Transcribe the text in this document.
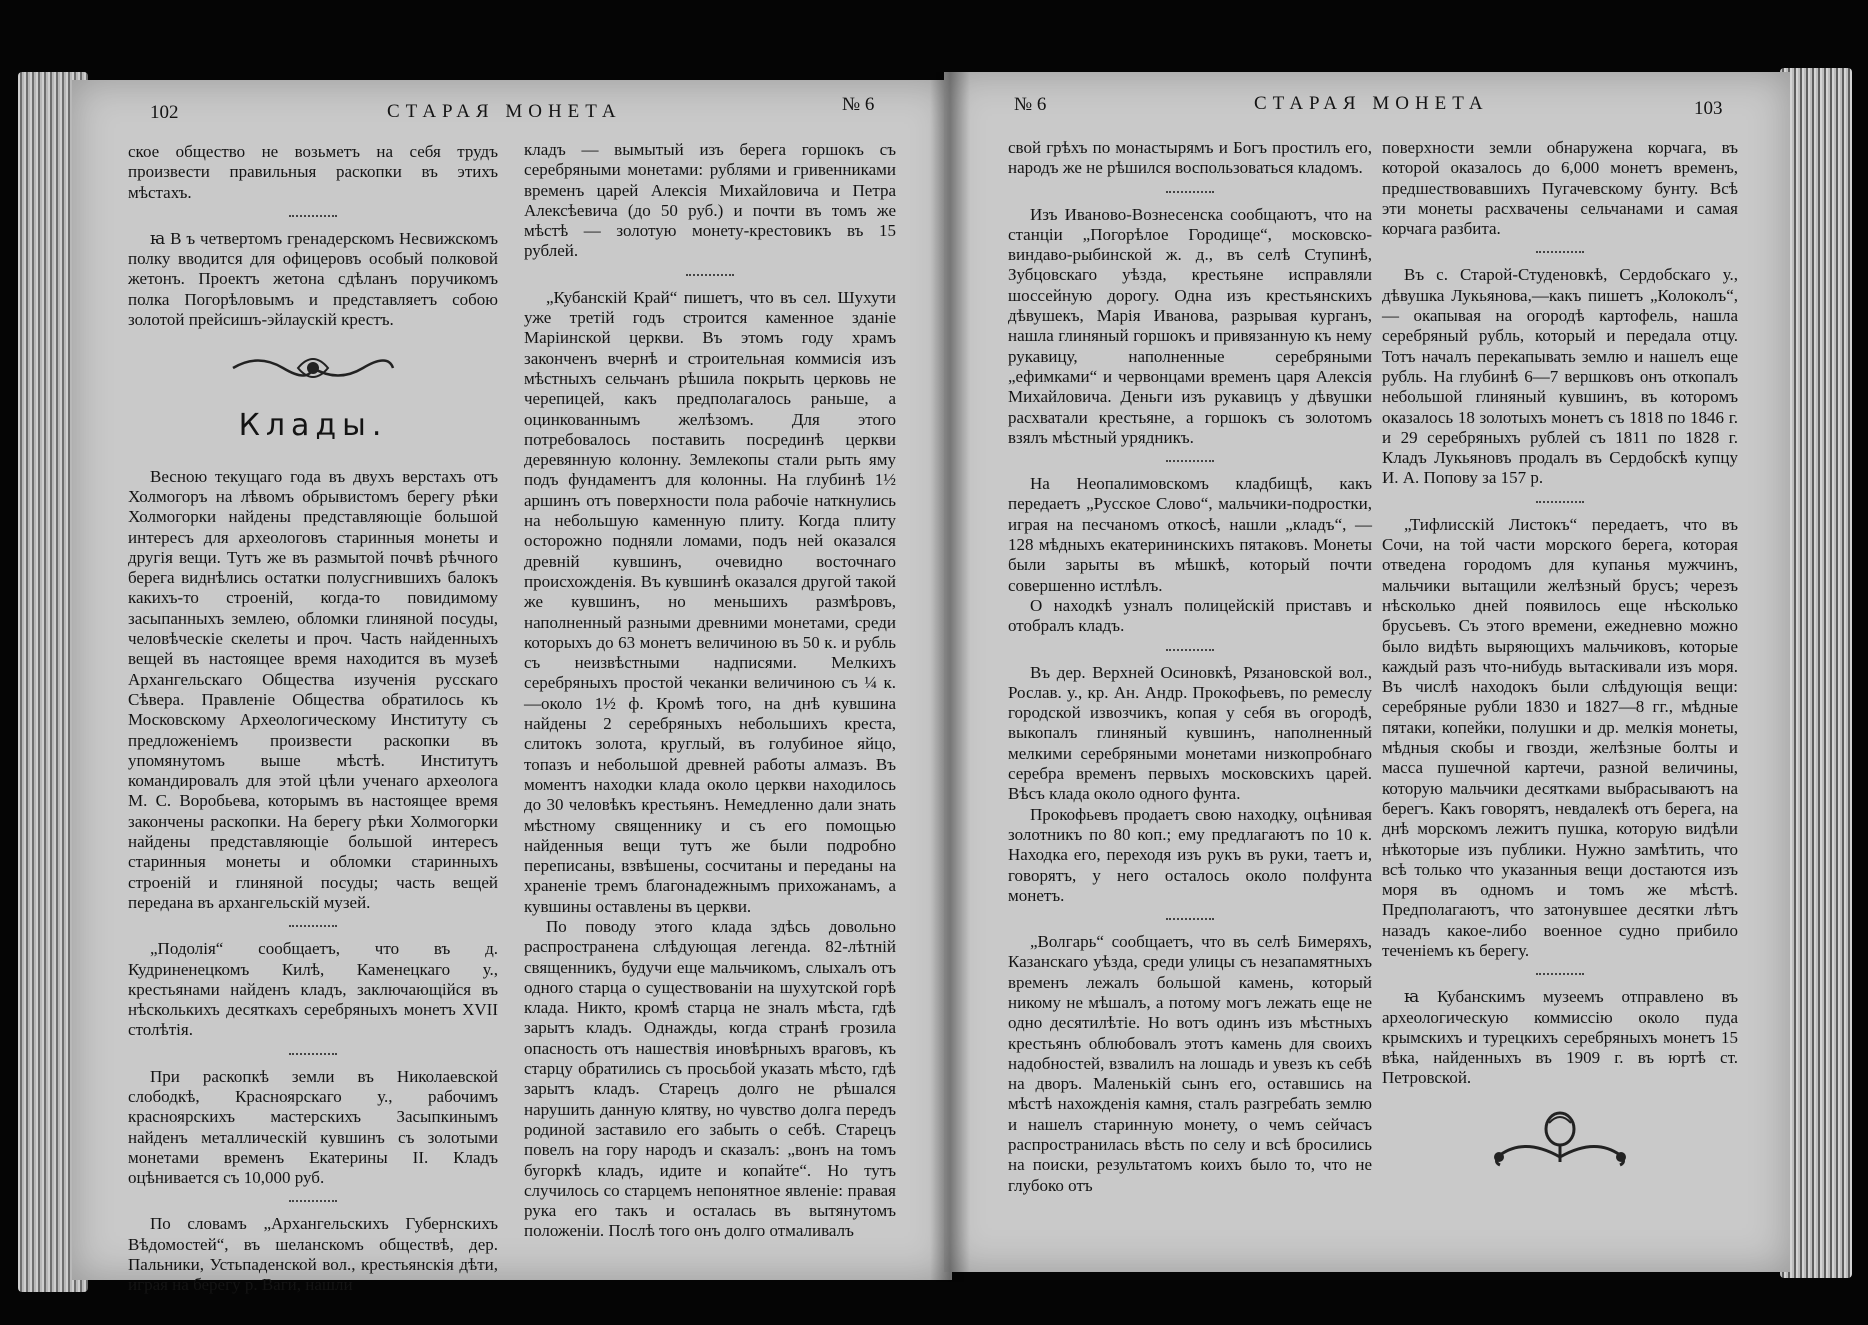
102	СТАРАЯ МОНЕТА	№ 6

ское общество не возьметъ на себя трудъ произвести правильныя раскопки въ этихъ мѣстахъ.

ꙗ В ъ четвертомъ гренадерскомъ Несвижскомъ полку вводится для офицеровъ особый полковой жетонъ. Проектъ жетона сдѣланъ поручикомъ полка Погорѣловымъ и представляетъ собою золотой прейсишъ-эйлаускій крестъ.

Клады.

Весною текущаго года въ двухъ верстахъ отъ Холмогоръ на лѣвомъ обрывистомъ берегу рѣки Холмогорки найдены представляющіе большой интересъ для археологовъ старинныя монеты и другія вещи. Тутъ же въ размытой почвѣ рѣчного берега виднѣлись остатки полусгнившихъ балокъ какихъ-то строеній, когда-то повидимому засыпанныхъ землею, обломки глиняной посуды, человѣческіе скелеты и проч. Часть найденныхъ вещей въ настоящее время находится въ музеѣ Архангельскаго Общества изученія русскаго Сѣвера. Правленіе Общества обратилось къ Московскому Археологическому Институту съ предложеніемъ произвести раскопки въ упомянутомъ выше мѣстѣ. Институтъ командировалъ для этой цѣли ученаго археолога М. С. Воробьева, которымъ въ настоящее время закончены раскопки. На берегу рѣки Холмогорки найдены представляющіе большой интересъ старинныя монеты и обломки старинныхъ строеній и глиняной посуды; часть вещей передана въ архангельскій музей.

„Подолія“ сообщаетъ, что въ д. Кудриненецкомъ Килѣ, Каменецкаго у., крестьянами найденъ кладъ, заключающійся въ нѣсколькихъ десяткахъ серебряныхъ монетъ XVII столѣтія.

При раскопкѣ земли въ Николаевской слободкѣ, Красноярскаго у., рабочимъ красноярскихъ мастерскихъ Засыпкинымъ найденъ металлическій кувшинъ съ золотыми монетами временъ Екатерины II. Кладъ оцѣнивается съ 10,000 руб.

По словамъ „Архангельскихъ Губернскихъ Вѣдомостей“, въ шеланскомъ обществѣ, дер. Пальники, Устьпаденской вол., крестьянскія дѣти, играя на берегу р. Ваги, нашли

кладъ — вымытый изъ берега горшокъ съ серебряными монетами: рублями и гривенниками временъ царей Алексія Михайловича и Петра Алексѣевича (до 50 руб.) и почти въ томъ же мѣстѣ — золотую монету-крестовикъ въ 15 рублей.

„Кубанскій Край“ пишетъ, что въ сел. Шухути уже третій годъ строится каменное зданіе Маріинской церкви. Въ этомъ году храмъ законченъ вчернѣ и строительная коммисія изъ мѣстныхъ сельчанъ рѣшила покрыть церковь не черепицей, какъ предполагалось раньше, а оцинкованнымъ желѣзомъ. Для этого потребовалось поставить посрединѣ церкви деревянную колонну. Землекопы стали рыть яму подъ фундаментъ для колонны. На глубинѣ 1½ аршинъ отъ поверхности пола рабочіе наткнулись на небольшую каменную плиту. Когда плиту осторожно подняли ломами, подъ ней оказался древній кувшинъ, очевидно восточнаго происхожденія. Въ кувшинѣ оказался другой такой же кувшинъ, но меньшихъ размѣровъ, наполненный разными древними монетами, среди которыхъ до 63 монетъ величиною въ 50 к. и рубль съ неизвѣстными надписями. Мелкихъ серебряныхъ простой чеканки величиною съ ¼ к.—около 1½ ф. Кромѣ того, на днѣ кувшина найдены 2 серебряныхъ небольшихъ креста, слитокъ золота, круглый, въ голубиное яйцо, топазъ и небольшой древней работы алмазъ. Въ моментъ находки клада около церкви находилось до 30 человѣкъ крестьянъ. Немедленно дали знать мѣстному священнику и съ его помощью найденныя вещи тутъ же были подробно переписаны, взвѣшены, сосчитаны и переданы на храненіе тремъ благонадежнымъ прихожанамъ, а кувшины оставлены въ церкви.

По поводу этого клада здѣсь довольно распространена слѣдующая легенда. 82-лѣтній священникъ, будучи еще мальчикомъ, слыхалъ отъ одного старца о существованіи на шухутской горѣ клада. Никто, кромѣ старца не зналъ мѣста, гдѣ зарытъ кладъ. Однажды, когда странѣ грозила опасность отъ нашествія иновѣрныхъ враговъ, къ старцу обратились съ просьбой указать мѣсто, гдѣ зарытъ кладъ. Старецъ долго не рѣшался нарушить данную клятву, но чувство долга передъ родиной заставило его забыть о себѣ. Старецъ повелъ на гору народъ и сказалъ: „вонъ на томъ бугоркѣ кладъ, идите и копайте“. Но тутъ случилось со старцемъ непонятное явленіе: правая рука его такъ и осталась въ вытянутомъ положеніи. Послѣ того онъ долго отмаливалъ

№ 6	СТАРАЯ МОНЕТА	103

свой грѣхъ по монастырямъ и Богъ простилъ его, народъ же не рѣшился воспользоваться кладомъ.

Изъ Иваново-Вознесенска сообщаютъ, что на станціи „Погорѣлое Городище“, московско-виндаво-рыбинской ж. д., въ селѣ Ступинѣ, Зубцовскаго уѣзда, крестьяне исправляли шоссейную дорогу. Одна изъ крестьянскихъ дѣвушекъ, Марія Иванова, разрывая курганъ, нашла глиняный горшокъ и привязанную къ нему рукавицу, наполненные серебряными „ефимками“ и червонцами временъ царя Алексія Михайловича. Деньги изъ рукавицъ у дѣвушки расхватали крестьяне, а горшокъ съ золотомъ взялъ мѣстный урядникъ.

На Неопалимовскомъ кладбищѣ, какъ передаетъ „Русское Слово“, мальчики-подростки, играя на песчаномъ откосѣ, нашли „кладъ“, — 128 мѣдныхъ екатерининскихъ пятаковъ. Монеты были зарыты въ мѣшкѣ, который почти совершенно истлѣлъ.

О находкѣ узналъ полицейскій приставъ и отобралъ кладъ.

Въ дер. Верхней Осиновкѣ, Рязановской вол., Рослав. у., кр. Ан. Андр. Прокофьевъ, по ремеслу городской извозчикъ, копая у себя въ огородѣ, выкопалъ глиняный кувшинъ, наполненный мелкими серебряными монетами низкопробнаго серебра временъ первыхъ московскихъ царей. Вѣсъ клада около одного фунта.

Прокофьевъ продаетъ свою находку, оцѣнивая золотникъ по 80 коп.; ему предлагаютъ по 10 к. Находка его, переходя изъ рукъ въ руки, таетъ и, говорятъ, у него осталось около полфунта монетъ.

„Волгарь“ сообщаетъ, что въ селѣ Бимеряхъ, Казанскаго уѣзда, среди улицы съ незапамятныхъ временъ лежалъ большой камень, который никому не мѣшалъ, а потому могъ лежать еще не одно десятилѣтіе. Но вотъ одинъ изъ мѣстныхъ крестьянъ облюбовалъ этотъ камень для своихъ надобностей, взвалилъ на лошадь и увезъ къ себѣ на дворъ. Маленькій сынъ его, оставшись на мѣстѣ нахожденія камня, сталъ разгребать землю и нашелъ старинную монету, о чемъ сейчасъ распространилась вѣсть по селу и всѣ бросились на поиски, результатомъ коихъ было то, что не глубоко отъ

поверхности земли обнаружена корчага, въ которой оказалось до 6,000 монетъ временъ, предшествовавшихъ Пугачевскому бунту. Всѣ эти монеты расхвачены сельчанами и самая корчага разбита.

Въ с. Старой-Студеновкѣ, Сердобскаго у., дѣвушка Лукьянова,—какъ пишетъ „Колоколъ“, — окапывая на огородѣ картофель, нашла серебряный рубль, который и передала отцу. Тотъ началъ перекапывать землю и нашелъ еще рубль. На глубинѣ 6—7 вершковъ онъ откопалъ небольшой глиняный кувшинъ, въ которомъ оказалось 18 золотыхъ монетъ съ 1818 по 1846 г. и 29 серебряныхъ рублей съ 1811 по 1828 г. Кладъ Лукьяновъ продалъ въ Сердобскѣ купцу И. А. Попову за 157 р.

„Тифлисскій Листокъ“ передаетъ, что въ Сочи, на той части морского берега, которая отведена городомъ для купанья мужчинъ, мальчики вытащили желѣзный брусъ; черезъ нѣсколько дней появилось еще нѣсколько брусьевъ. Съ этого времени, ежедневно можно было видѣть выряющихъ мальчиковъ, которые каждый разъ что-нибудь вытаскивали изъ моря. Въ числѣ находокъ были слѣдующія вещи: серебряные рубли 1830 и 1827—8 гг., мѣдные пятаки, копейки, полушки и др. мелкія монеты, мѣдныя скобы и гвозди, желѣзные болты и масса пушечной картечи, разной величины, которую мальчики десятками выбрасываютъ на берегъ. Какъ говорятъ, невдалекѣ отъ берега, на днѣ морскомъ лежитъ пушка, которую видѣли нѣкоторые изъ публики. Нужно замѣтить, что всѣ только что указанныя вещи достаются изъ моря въ одномъ и томъ же мѣстѣ. Предполагаютъ, что затонувшее десятки лѣтъ назадъ какое-либо военное судно прибило теченіемъ къ берегу.

ꙗ Кубанскимъ музеемъ отправлено въ археологическую коммиссію около пуда крымскихъ и турецкихъ серебряныхъ монетъ 15 вѣка, найденныхъ въ 1909 г. въ юртѣ ст. Петровской.
